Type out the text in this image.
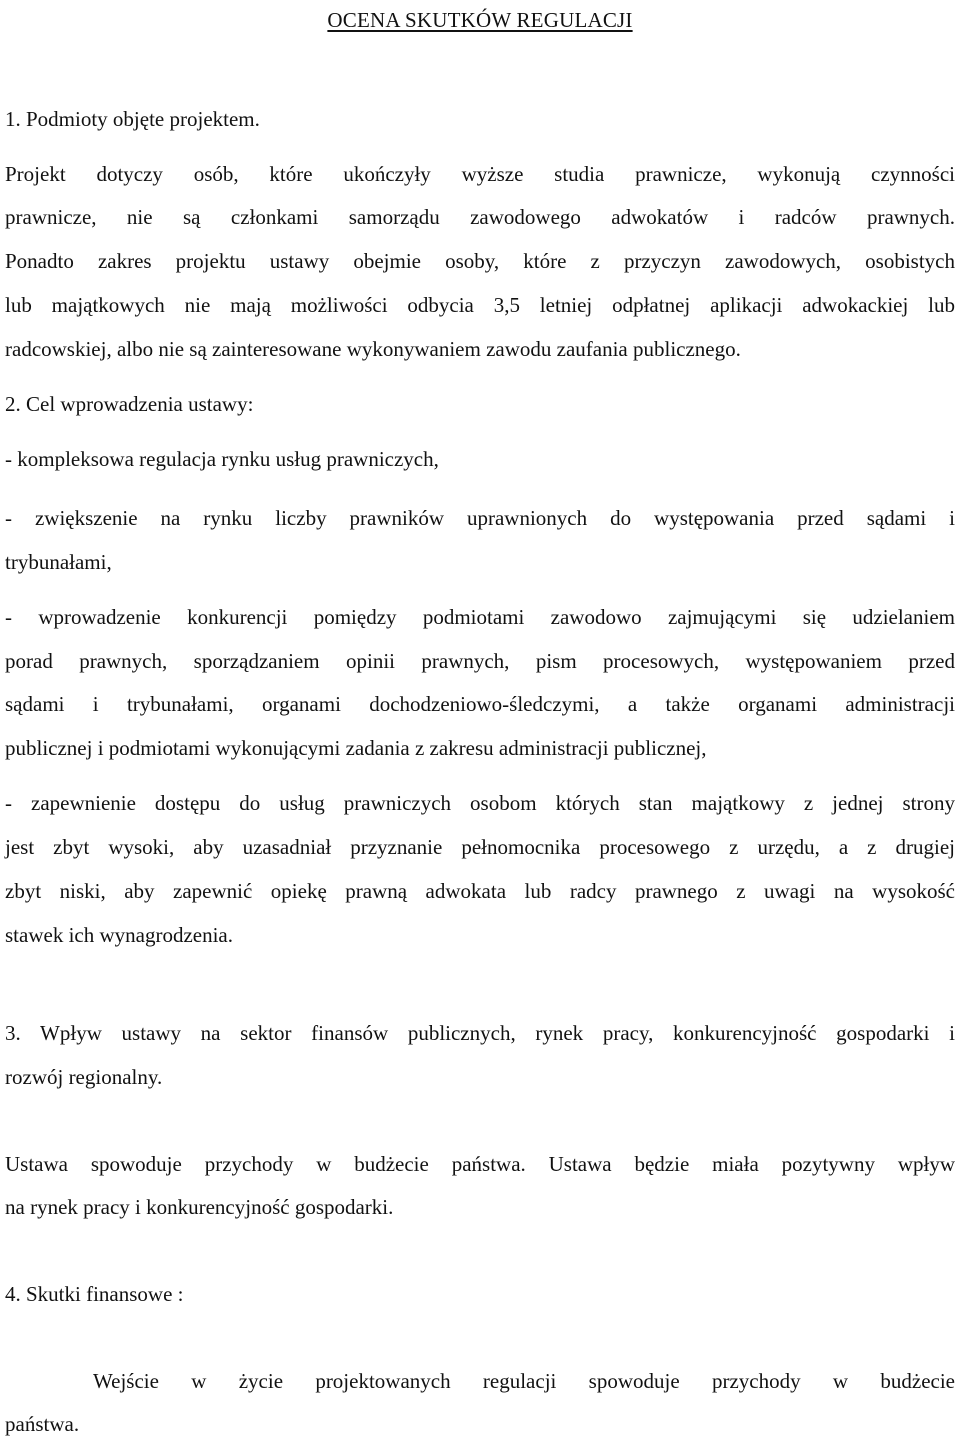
OCENA SKUTKÓW REGULACJI
1. Podmioty objęte projektem.
Projekt dotyczy osób, które ukończyły wyższe studia prawnicze, wykonują czynności
prawnicze, nie są członkami samorządu zawodowego adwokatów i radców prawnych.
Ponadto zakres projektu ustawy obejmie osoby, które z przyczyn zawodowych, osobistych
lub majątkowych nie mają możliwości odbycia 3,5 letniej odpłatnej aplikacji adwokackiej lub
radcowskiej, albo nie są zainteresowane wykonywaniem zawodu zaufania publicznego.
2. Cel wprowadzenia ustawy:
- kompleksowa regulacja rynku usług prawniczych,
- zwiększenie na rynku liczby prawników uprawnionych do występowania przed sądami i
trybunałami,
- wprowadzenie konkurencji pomiędzy podmiotami zawodowo zajmującymi się udzielaniem
porad prawnych, sporządzaniem opinii prawnych, pism procesowych, występowaniem przed
sądami i trybunałami, organami dochodzeniowo-śledczymi, a także organami administracji
publicznej i podmiotami wykonującymi zadania z zakresu administracji publicznej,
- zapewnienie dostępu do usług prawniczych osobom których stan majątkowy z jednej strony
jest zbyt wysoki, aby uzasadniał przyznanie pełnomocnika procesowego z urzędu, a z drugiej
zbyt niski, aby zapewnić opiekę prawną adwokata lub radcy prawnego z uwagi na wysokość
stawek ich wynagrodzenia.
3. Wpływ ustawy na sektor finansów publicznych, rynek pracy, konkurencyjność gospodarki i
rozwój regionalny.
Ustawa spowoduje przychody w budżecie państwa. Ustawa będzie miała pozytywny wpływ
na rynek pracy i konkurencyjność gospodarki.
4. Skutki finansowe :
Wejście w życie projektowanych regulacji spowoduje przychody w budżecie
państwa.
